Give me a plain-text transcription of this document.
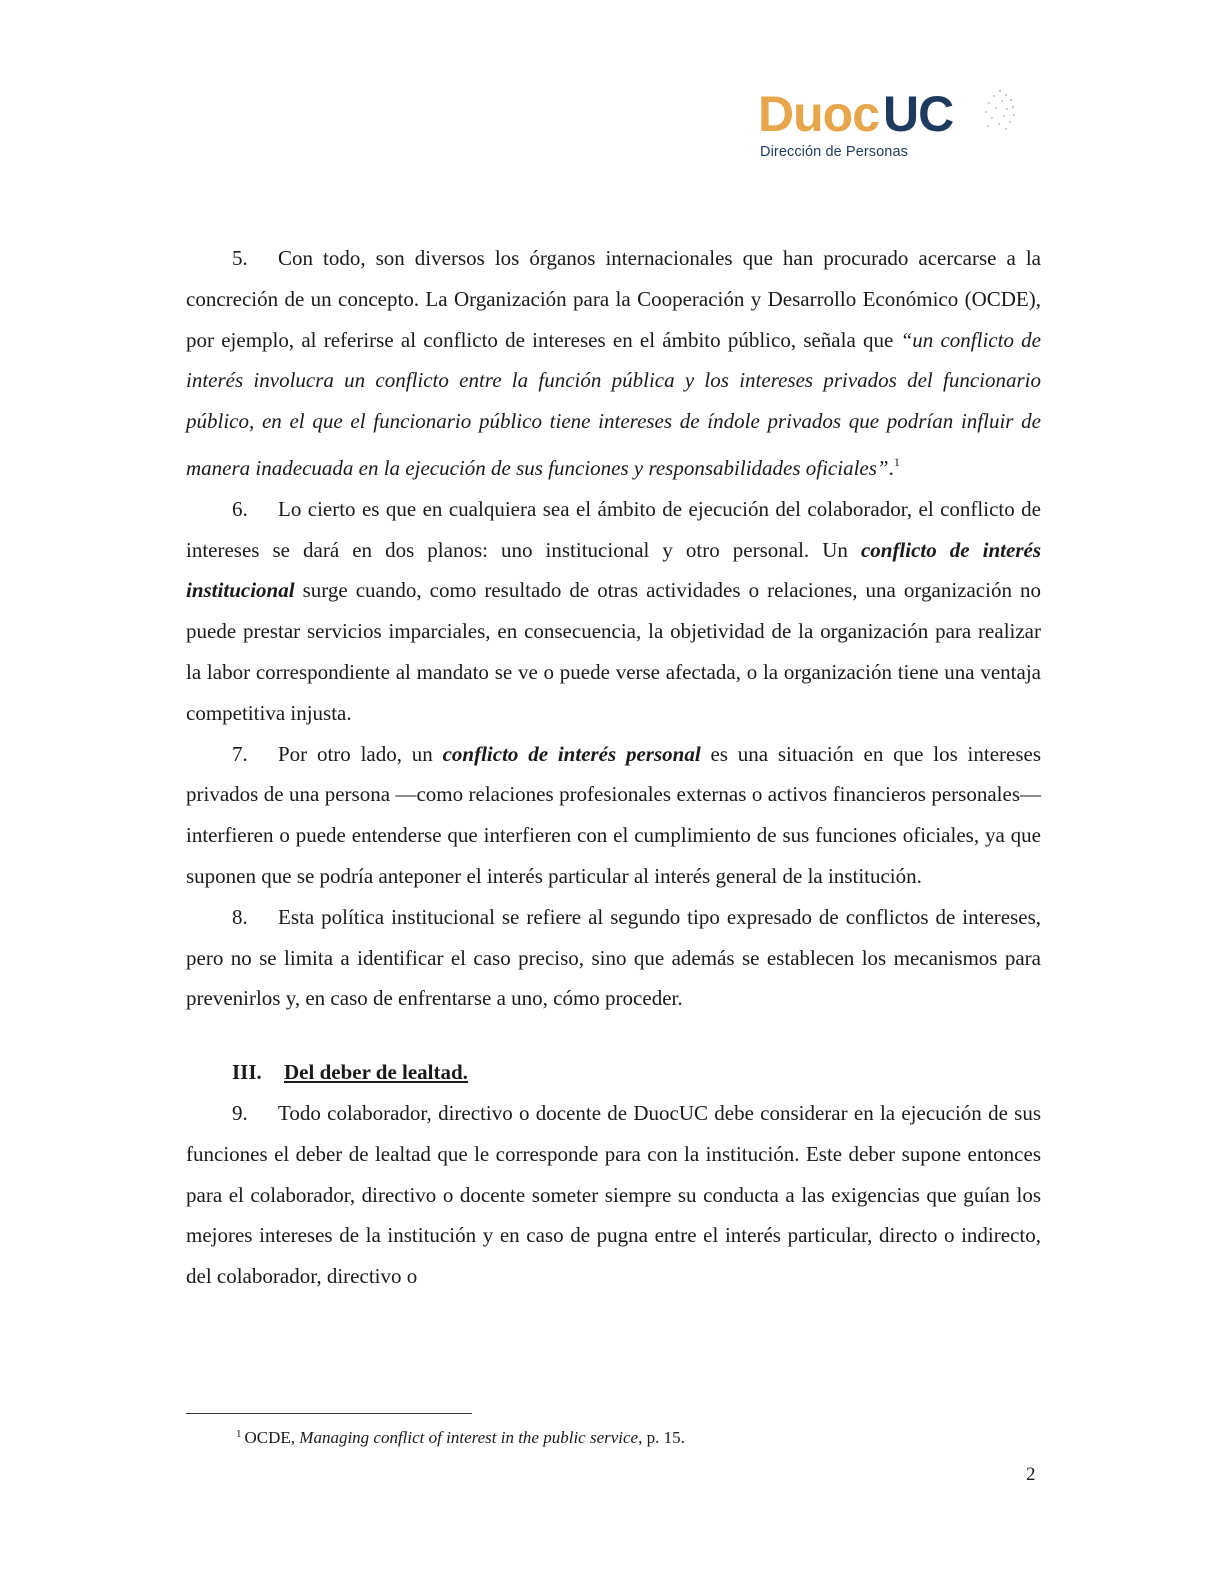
DuocUC
Dirección de Personas

5. Con todo, son diversos los órganos internacionales que han procurado acercarse a la concreción de un concepto. La Organización para la Cooperación y Desarrollo Económico (OCDE), por ejemplo, al referirse al conflicto de intereses en el ámbito público, señala que “un conflicto de interés involucra un conflicto entre la función pública y los intereses privados del funcionario público, en el que el funcionario público tiene intereses de índole privados que podrían influir de manera inadecuada en la ejecución de sus funciones y responsabilidades oficiales”.$^1$

6. Lo cierto es que en cualquiera sea el ámbito de ejecución del colaborador, el conflicto de intereses se dará en dos planos: uno institucional y otro personal. Un conflicto de interés institucional surge cuando, como resultado de otras actividades o relaciones, una organización no puede prestar servicios imparciales, en consecuencia, la objetividad de la organización para realizar la labor correspondiente al mandato se ve o puede verse afectada, o la organización tiene una ventaja competitiva injusta.

7. Por otro lado, un conflicto de interés personal es una situación en que los intereses privados de una persona —como relaciones profesionales externas o activos financieros personales— interfieren o puede entenderse que interfieren con el cumplimiento de sus funciones oficiales, ya que suponen que se podría anteponer el interés particular al interés general de la institución.

8. Esta política institucional se refiere al segundo tipo expresado de conflictos de intereses, pero no se limita a identificar el caso preciso, sino que además se establecen los mecanismos para prevenirlos y, en caso de enfrentarse a uno, cómo proceder.

III. Del deber de lealtad.

9. Todo colaborador, directivo o docente de DuocUC debe considerar en la ejecución de sus funciones el deber de lealtad que le corresponde para con la institución. Este deber supone entonces para el colaborador, directivo o docente someter siempre su conducta a las exigencias que guían los mejores intereses de la institución y en caso de pugna entre el interés particular, directo o indirecto, del colaborador, directivo o

$^1$ OCDE, Managing conflict of interest in the public service, p. 15.
2
